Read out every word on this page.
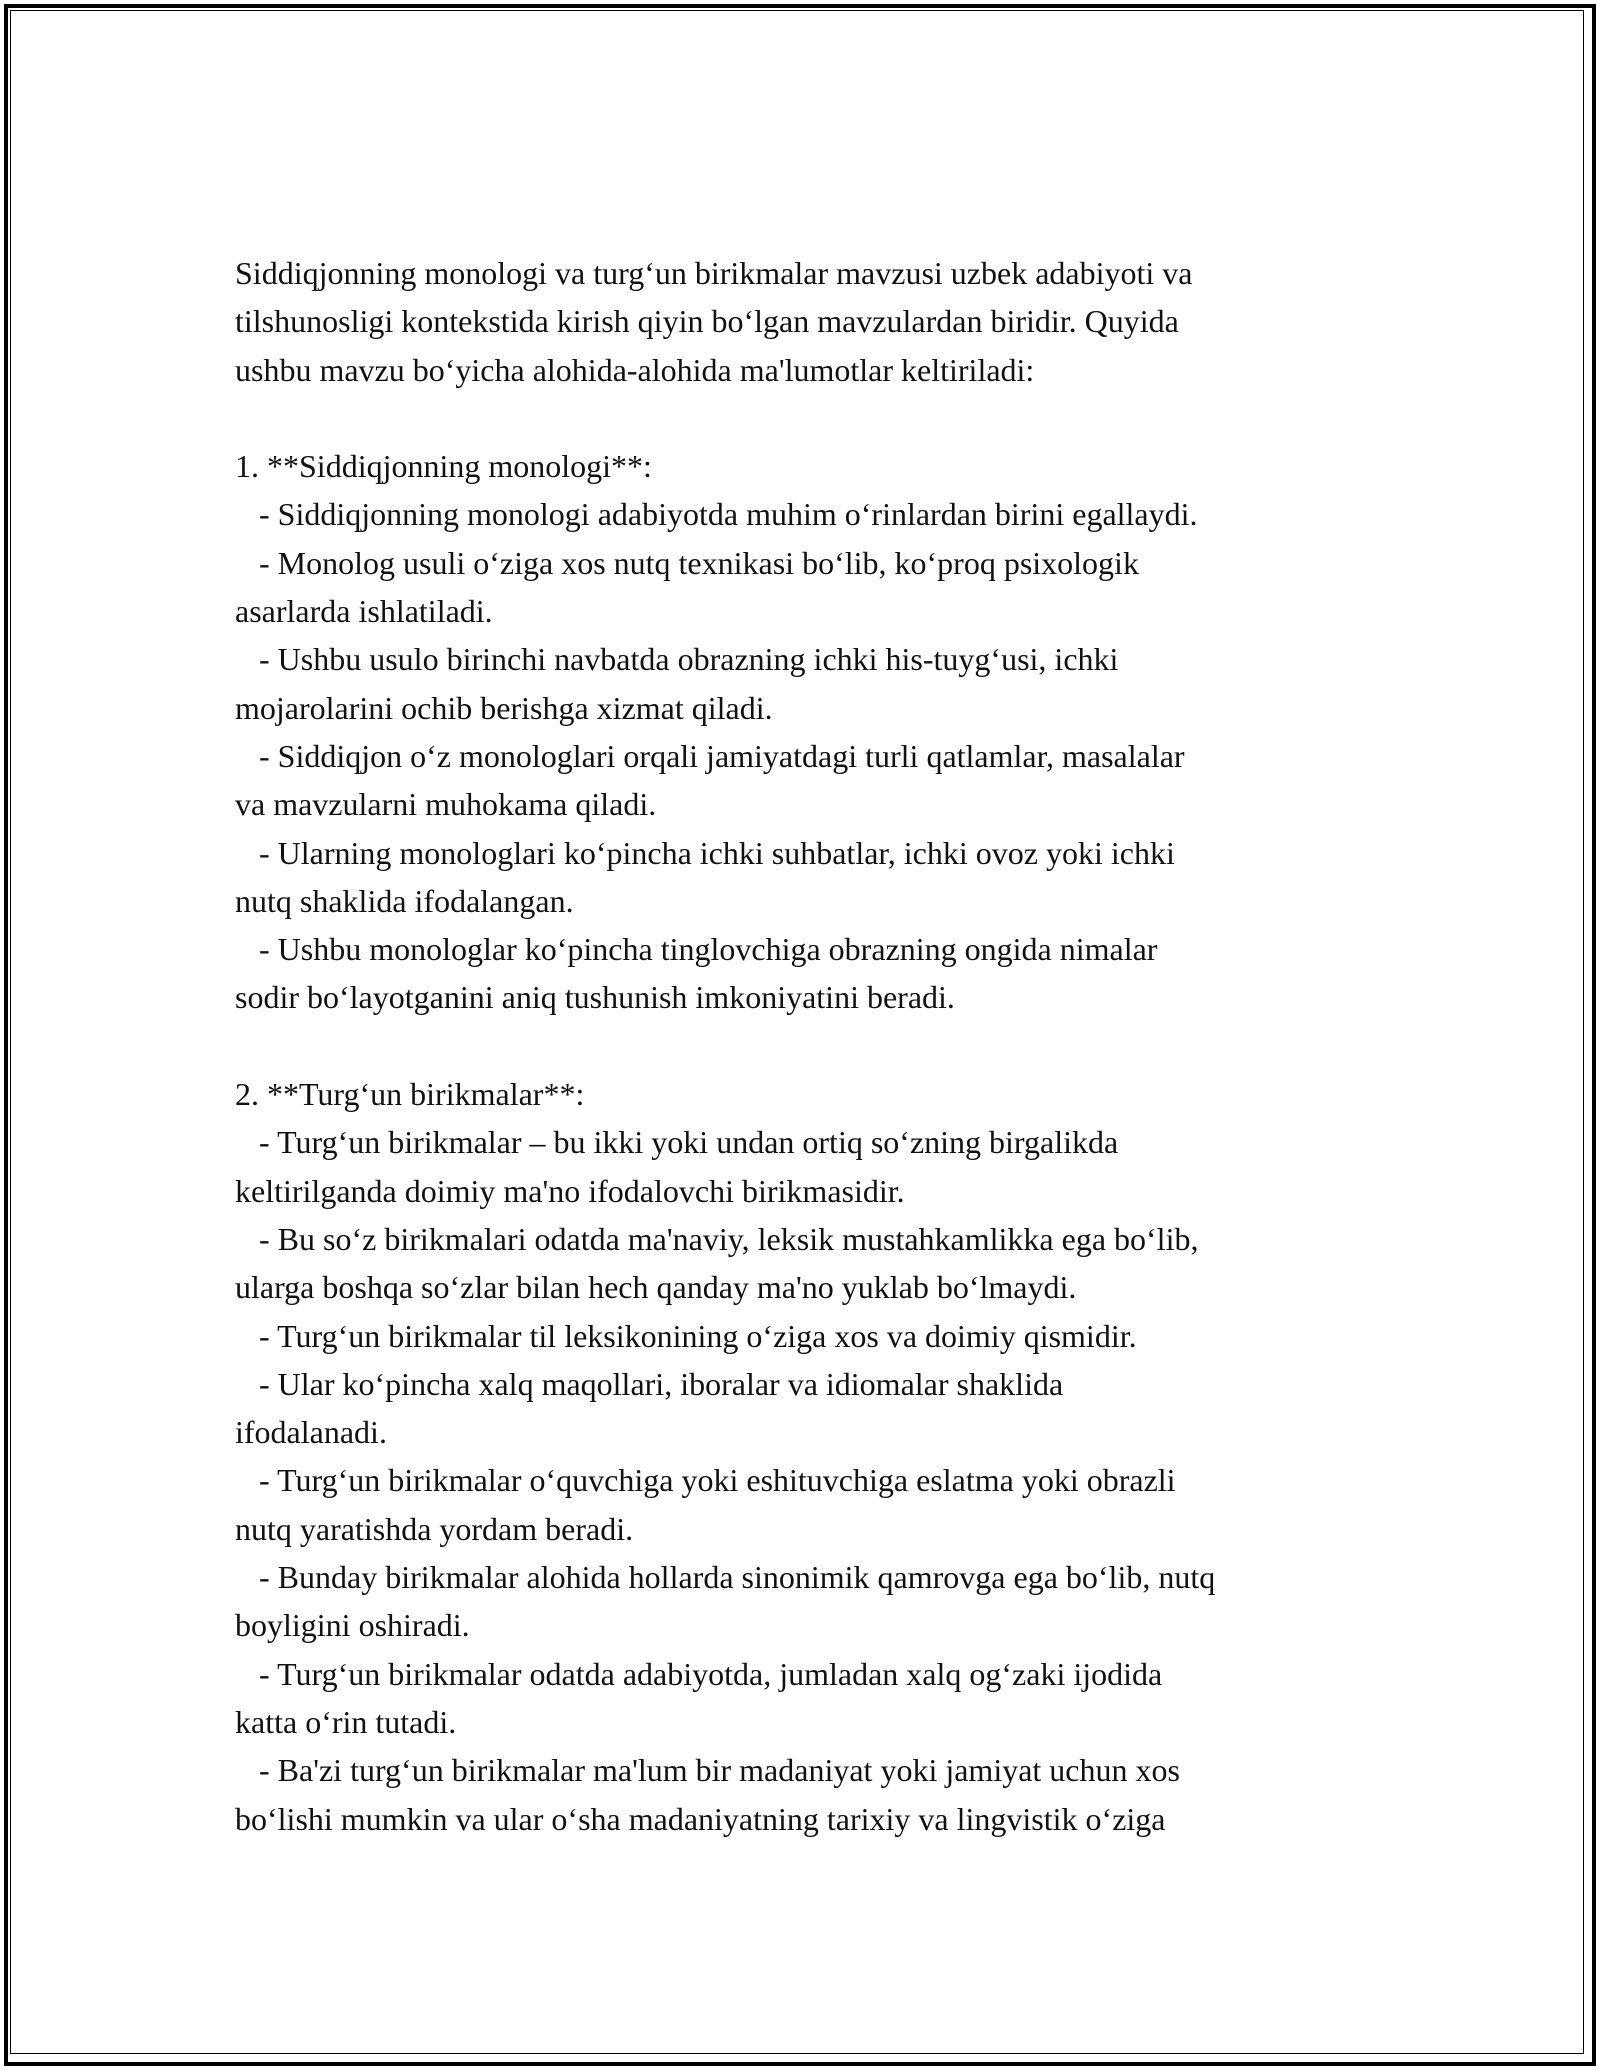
Siddiqjonning monologi va turg‘un birikmalar mavzusi uzbek adabiyoti va
tilshunosligi kontekstida kirish qiyin bo‘lgan mavzulardan biridir. Quyida
ushbu mavzu bo‘yicha alohida-alohida ma'lumotlar keltiriladi:
1. **Siddiqjonning monologi**:
- Siddiqjonning monologi adabiyotda muhim o‘rinlardan birini egallaydi.
- Monolog usuli o‘ziga xos nutq texnikasi bo‘lib, ko‘proq psixologik
asarlarda ishlatiladi.
- Ushbu usulo birinchi navbatda obrazning ichki his-tuyg‘usi, ichki
mojarolarini ochib berishga xizmat qiladi.
- Siddiqjon o‘z monologlari orqali jamiyatdagi turli qatlamlar, masalalar
va mavzularni muhokama qiladi.
- Ularning monologlari ko‘pincha ichki suhbatlar, ichki ovoz yoki ichki
nutq shaklida ifodalangan.
- Ushbu monologlar ko‘pincha tinglovchiga obrazning ongida nimalar
sodir bo‘layotganini aniq tushunish imkoniyatini beradi.
2. **Turg‘un birikmalar**:
- Turg‘un birikmalar – bu ikki yoki undan ortiq so‘zning birgalikda
keltirilganda doimiy ma'no ifodalovchi birikmasidir.
- Bu so‘z birikmalari odatda ma'naviy, leksik mustahkamlikka ega bo‘lib,
ularga boshqa so‘zlar bilan hech qanday ma'no yuklab bo‘lmaydi.
- Turg‘un birikmalar til leksikonining o‘ziga xos va doimiy qismidir.
- Ular ko‘pincha xalq maqollari, iboralar va idiomalar shaklida
ifodalanadi.
- Turg‘un birikmalar o‘quvchiga yoki eshituvchiga eslatma yoki obrazli
nutq yaratishda yordam beradi.
- Bunday birikmalar alohida hollarda sinonimik qamrovga ega bo‘lib, nutq
boyligini oshiradi.
- Turg‘un birikmalar odatda adabiyotda, jumladan xalq og‘zaki ijodida
katta o‘rin tutadi.
- Ba'zi turg‘un birikmalar ma'lum bir madaniyat yoki jamiyat uchun xos
bo‘lishi mumkin va ular o‘sha madaniyatning tarixiy va lingvistik o‘ziga
